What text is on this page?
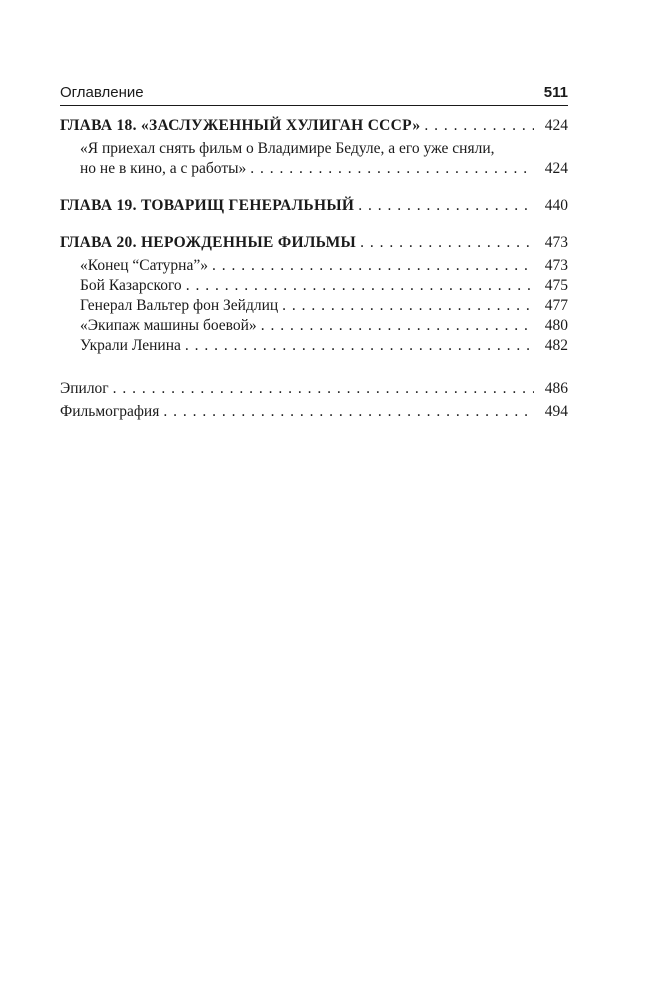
Оглавление	511
ГЛАВА 18. «ЗАСЛУЖЕННЫЙ ХУЛИГАН СССР» . . .	424
«Я приехал снять фильм о Владимире Бедуле, а его уже сняли,
но не в кино, а с работы» . . .	424
ГЛАВА 19. ТОВАРИЩ ГЕНЕРАЛЬНЫЙ . . .	440
ГЛАВА 20. НЕРОЖДЕННЫЕ ФИЛЬМЫ . . .	473
«Конец “Сатурна”» . . .	473
Бой Казарского . . .	475
Генерал Вальтер фон Зейдлиц . . .	477
«Экипаж машины боевой» . . .	480
Украли Ленина . . .	482
Эпилог . . .	486
Фильмография . . .	494
